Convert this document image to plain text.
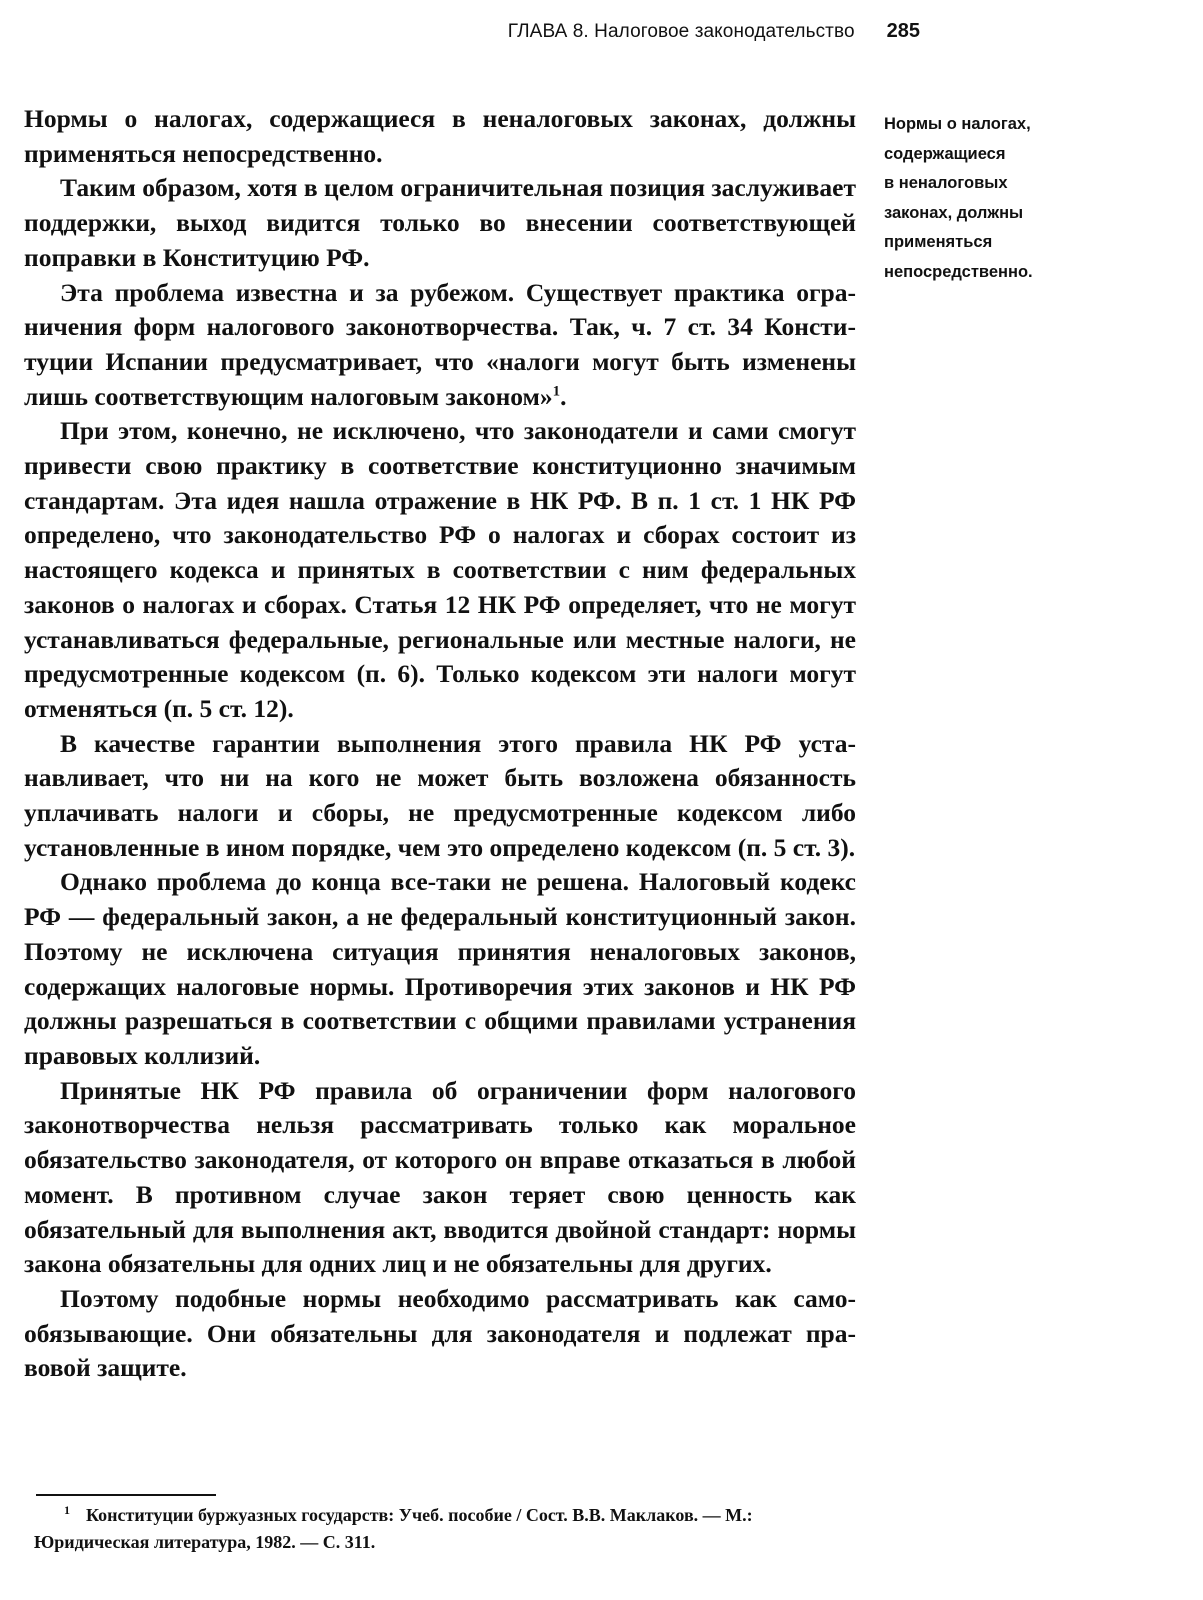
ГЛАВА 8. Налоговое законодательство 285

Нормы о налогах, содержащиеся в неналоговых законах, должны применяться непосредственно.

Таким образом, хотя в целом ограничительная позиция заслуживает поддержки, выход видится только во внесении соответствующей поправки в Конституцию РФ.

Эта проблема известна и за рубежом. Существует практика ограничения форм налогового законотворчества. Так, ч. 7 ст. 34 Конституции Испании предусматривает, что «налоги могут быть изменены лишь соответствующим налоговым законом»$^1$.

При этом, конечно, не исключено, что законодатели и сами смогут привести свою практику в соответствие конституционно значимым стандартам. Эта идея нашла отражение в НК РФ. В п. 1 ст. 1 НК РФ определено, что законодательство РФ о налогах и сборах состоит из настоящего кодекса и принятых в соответствии с ним федеральных законов о налогах и сборах. Статья 12 НК РФ определяет, что не могут устанавливаться федеральные, региональные или местные налоги, не предусмотренные кодексом (п. 6). Только кодексом эти налоги могут отменяться (п. 5 ст. 12).

В качестве гарантии выполнения этого правила НК РФ устанавливает, что ни на кого не может быть возложена обязанность уплачивать налоги и сборы, не предусмотренные кодексом либо установленные в ином порядке, чем это определено кодексом (п. 5 ст. 3).

Однако проблема до конца все-таки не решена. Налоговый кодекс РФ — федеральный закон, а не федеральный конституционный закон. Поэтому не исключена ситуация принятия неналоговых законов, содержащих налоговые нормы. Противоречия этих законов и НК РФ должны разрешаться в соответствии с общими правилами устранения правовых коллизий.

Принятые НК РФ правила об ограничении форм налогового законотворчества нельзя рассматривать только как моральное обязательство законодателя, от которого он вправе отказаться в любой момент. В противном случае закон теряет свою ценность как обязательный для выполнения акт, вводится двойной стандарт: нормы закона обязательны для одних лиц и не обязательны для других.

Поэтому подобные нормы необходимо рассматривать как самообязывающие. Они обязательны для законодателя и подлежат правовой защите.

Нормы о налогах,
содержащиеся
в неналоговых
законах, должны
применяться
непосредственно.
$^1$ Конституции буржуазных государств: Учеб. пособие / Сост. В.В. Маклаков. — М.:
Юридическая литература, 1982. — С. 311.
